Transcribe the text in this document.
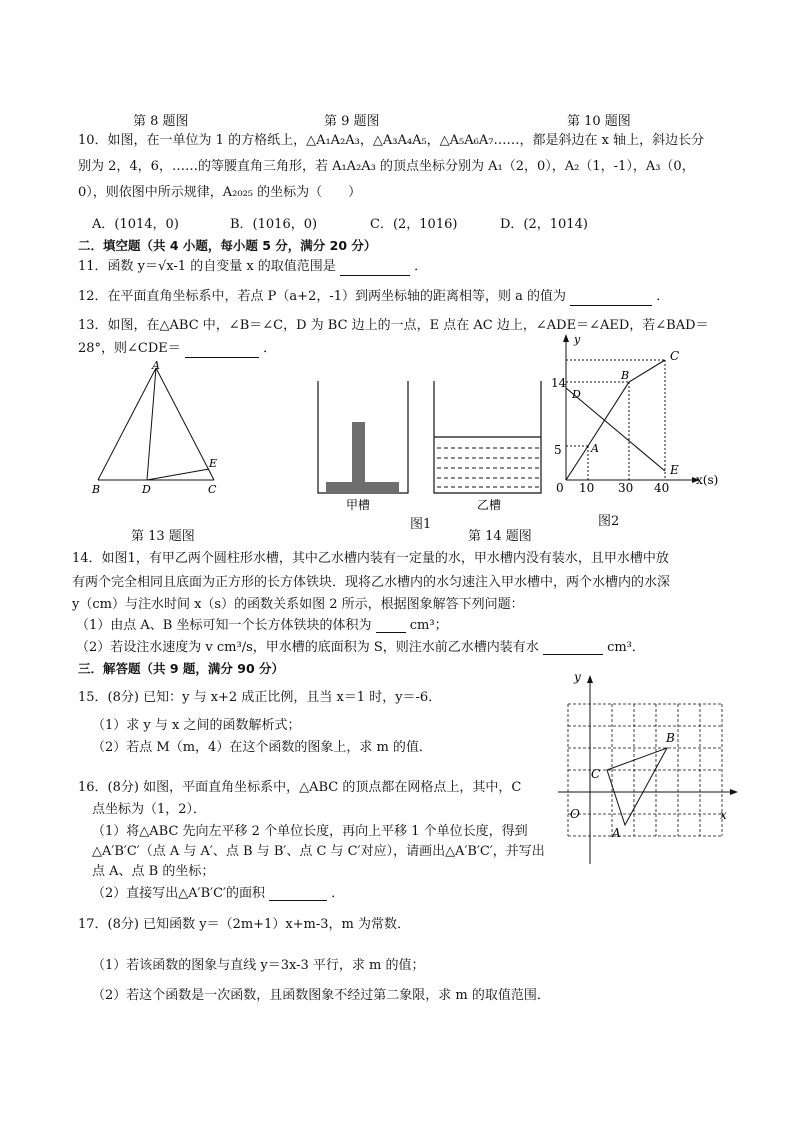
第 8 题图	第 9 题图	第 10 题图
10．如图，在一单位为 1 的方格纸上，△A₁A₂A₃，△A₃A₄A₅，△A₅A₆A₇……，都是斜边在 x 轴上，斜边长分
别为 2，4，6，……的等腰直角三角形，若 A₁A₂A₃ 的顶点坐标分别为 A₁（2，0），A₂（1，-1），A₃（0，
0），则依图中所示规律，A₂₀₂₅ 的坐标为（　　）
A．(1014，0)	B．(1016，0)	C．(2，1016)	D．(2，1014)
二．填空题（共 4 小题，每小题 5 分，满分 20 分）
11．函数 y＝√x-1 的自变量 x 的取值范围是	．
12．在平面直角坐标系中，若点 P（a+2，-1）到两坐标轴的距离相等，则 a 的值为	．
13．如图，在△ABC 中，∠B＝∠C，D 为 BC 边上的一点，E 点在 AC 边上，∠ADE＝∠AED，若∠BAD＝
28°，则∠CDE＝	．
A
B	D	C
E
第 13 题图
甲槽	乙槽
图1
第 14 题图
y
x(s)
0 10 30 40
5
14
A
B
C
D
E
图2
14．如图1，有甲乙两个圆柱形水槽，其中乙水槽内装有一定量的水，甲水槽内没有装水，且甲水槽中放
有两个完全相同且底面为正方形的长方体铁块．现将乙水槽内的水匀速注入甲水槽中，两个水槽内的水深
y（cm）与注水时间 x（s）的函数关系如图 2 所示，根据图象解答下列问题：
（1）由点 A、B 坐标可知一个长方体铁块的体积为	cm³；
（2）若设注水速度为 v cm³/s，甲水槽的底面积为 S，则注水前乙水槽内装有水	cm³．
三．解答题（共 9 题，满分 90 分）
15．(8分) 已知：y 与 x+2 成正比例，且当 x＝1 时，y＝-6．
（1）求 y 与 x 之间的函数解析式；
（2）若点 M（m，4）在这个函数的图象上，求 m 的值．
16．(8分) 如图，平面直角坐标系中，△ABC 的顶点都在网格点上，其中，C
点坐标为（1，2）．
（1）将△ABC 先向左平移 2 个单位长度，再向上平移 1 个单位长度，得到
△A′B′C′（点 A 与 A′、点 B 与 B′、点 C 与 C′对应），请画出△A′B′C′，并写出
点 A、点 B 的坐标；
（2）直接写出△A′B′C′的面积	．
y
x
O
A
B
C
17．(8分) 已知函数 y＝（2m+1）x+m-3，m 为常数．
（1）若该函数的图象与直线 y＝3x-3 平行，求 m 的值；
（2）若这个函数是一次函数，且函数图象不经过第二象限，求 m 的取值范围．
